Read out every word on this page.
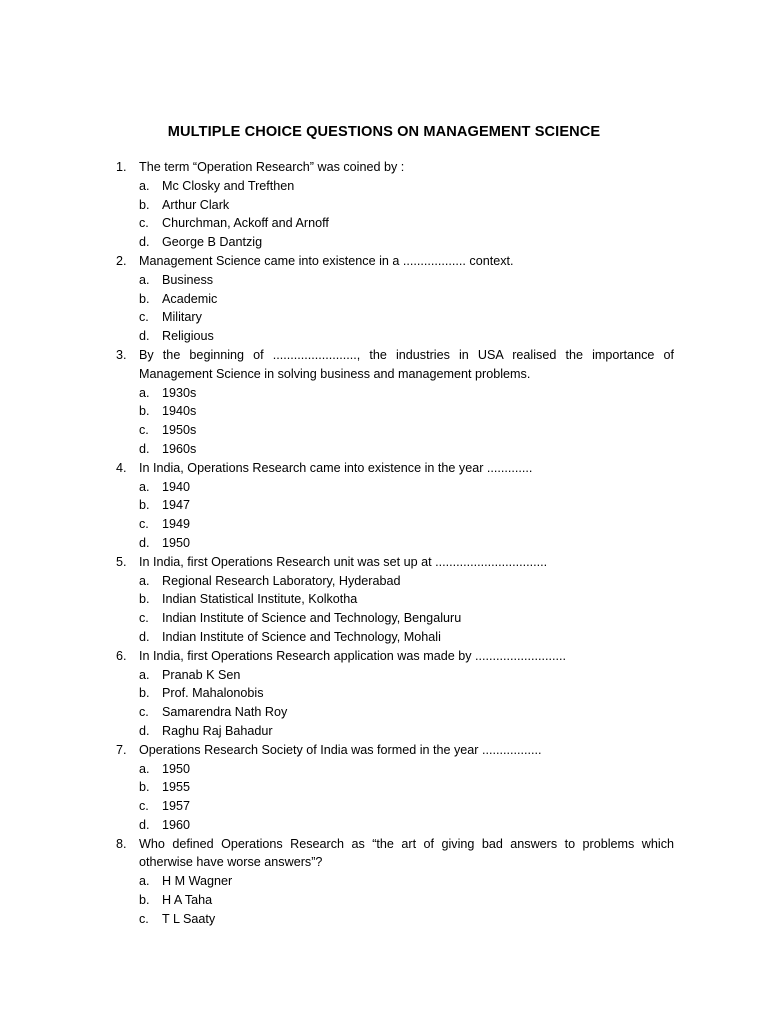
MULTIPLE CHOICE QUESTIONS ON MANAGEMENT SCIENCE
1. The term “Operation Research” was coined by :
a. Mc Closky and Trefthen
b. Arthur Clark
c. Churchman, Ackoff and Arnoff
d. George B Dantzig
2. Management Science came into existence in a .................. context.
a. Business
b. Academic
c. Military
d. Religious
3. By the beginning of ........................, the industries in USA realised the importance of
Management Science in solving business and management problems.
a. 1930s
b. 1940s
c. 1950s
d. 1960s
4. In India, Operations Research came into existence in the year .............
a. 1940
b. 1947
c. 1949
d. 1950
5. In India, first Operations Research unit was set up at ................................
a. Regional Research Laboratory, Hyderabad
b. Indian Statistical Institute, Kolkotha
c. Indian Institute of Science and Technology, Bengaluru
d. Indian Institute of Science and Technology, Mohali
6. In India, first Operations Research application was made by ..........................
a. Pranab K Sen
b. Prof. Mahalonobis
c. Samarendra Nath Roy
d. Raghu Raj Bahadur
7. Operations Research Society of India was formed in the year .................
a. 1950
b. 1955
c. 1957
d. 1960
8. Who defined Operations Research as “the art of giving bad answers to problems which
otherwise have worse answers”?
a. H M Wagner
b. H A Taha
c. T L Saaty
